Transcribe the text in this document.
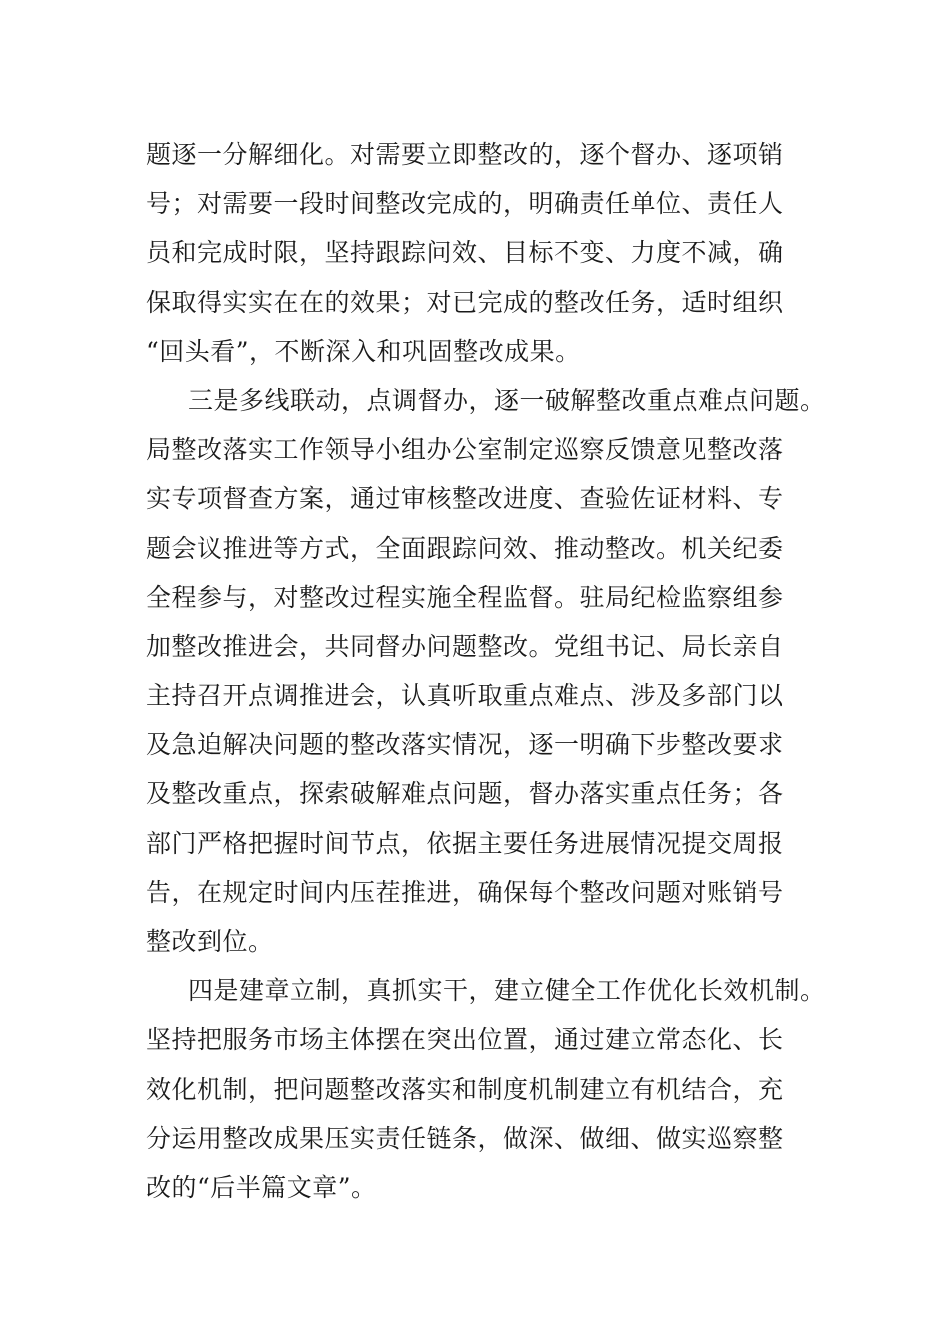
题逐一分解细化。对需要立即整改的，逐个督办、逐项销
号；对需要一段时间整改完成的，明确责任单位、责任人
员和完成时限，坚持跟踪问效、目标不变、力度不减，确
保取得实实在在的效果；对已完成的整改任务，适时组织
“回头看”，不断深入和巩固整改成果。
三是多线联动，点调督办，逐一破解整改重点难点问题。
局整改落实工作领导小组办公室制定巡察反馈意见整改落
实专项督查方案，通过审核整改进度、查验佐证材料、专
题会议推进等方式，全面跟踪问效、推动整改。机关纪委
全程参与，对整改过程实施全程监督。驻局纪检监察组参
加整改推进会，共同督办问题整改。党组书记、局长亲自
主持召开点调推进会，认真听取重点难点、涉及多部门以
及急迫解决问题的整改落实情况，逐一明确下步整改要求
及整改重点，探索破解难点问题，督办落实重点任务；各
部门严格把握时间节点，依据主要任务进展情况提交周报
告，在规定时间内压茬推进，确保每个整改问题对账销号
整改到位。
四是建章立制，真抓实干，建立健全工作优化长效机制。
坚持把服务市场主体摆在突出位置，通过建立常态化、长
效化机制，把问题整改落实和制度机制建立有机结合，充
分运用整改成果压实责任链条，做深、做细、做实巡察整
改的“后半篇文章”。
